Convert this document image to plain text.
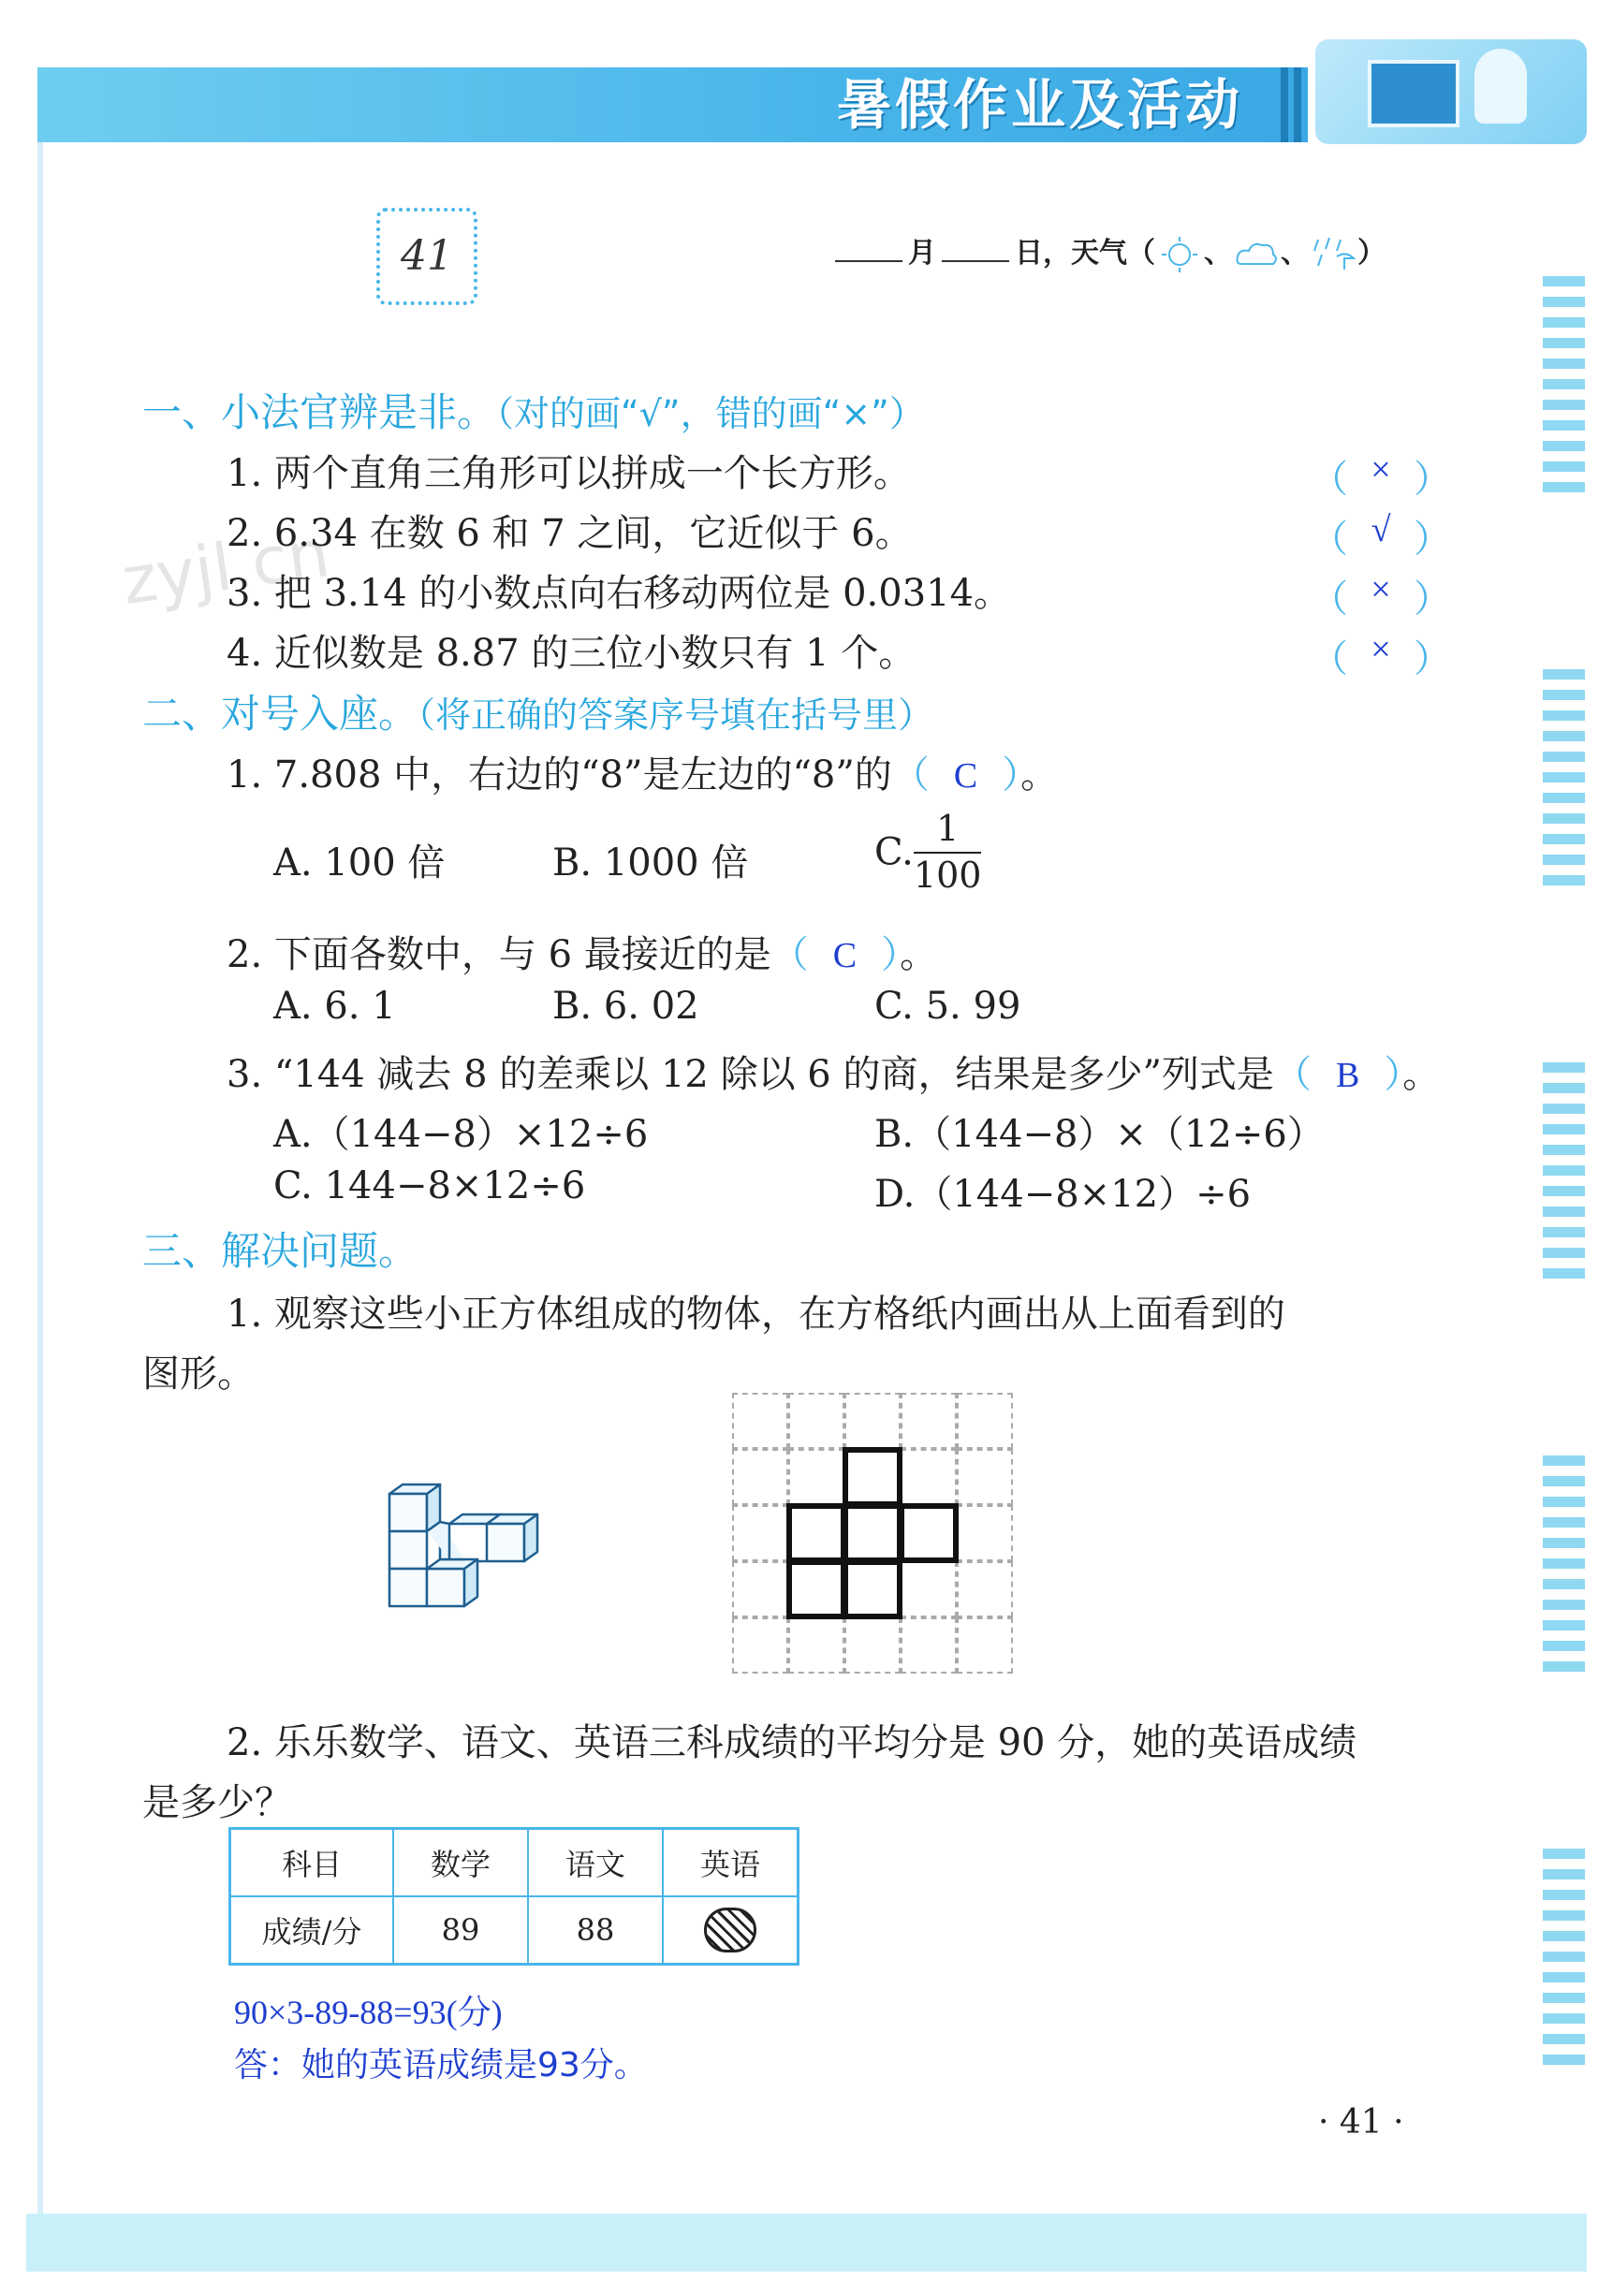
暑假作业及活动
zyjl.cn
41	月	日，天气（ 、 、 ）
一、小法官辨是非。（对的画“√”，错的画“×”）
1. 两个直角三角形可以拼成一个长方形。	（ × ）
2. 6.34 在数 6 和 7 之间，它近似于 6。	（ √ ）
3. 把 3.14 的小数点向右移动两位是 0.0314。	（ × ）
4. 近似数是 8.87 的三位小数只有 1 个。	（ × ）
二、对号入座。（将正确的答案序号填在括号里）
1. 7.808 中，右边的“8”是左边的“8”的（ C ）。
A. 100 倍	B. 1000 倍	C. $\frac{1}{100}$
2. 下面各数中，与 6 最接近的是（ C ）。
A. 6. 1	B. 6. 02	C. 5. 99
3. “144 减去 8 的差乘以 12 除以 6 的商，结果是多少”列式是（ B ）。
A.（144−8）×12÷6	B.（144−8）×（12÷6）
C. 144−8×12÷6	D.（144−8×12）÷6
三、解决问题。
1. 观察这些小正方体组成的物体，在方格纸内画出从上面看到的
图形。
2. 乐乐数学、语文、英语三科成绩的平均分是 90 分，她的英语成绩
是多少？
科目	数学	语文	英语
成绩/分	89	88	
90×3-89-88=93(分)
答：她的英语成绩是93分。
· 41 ·
